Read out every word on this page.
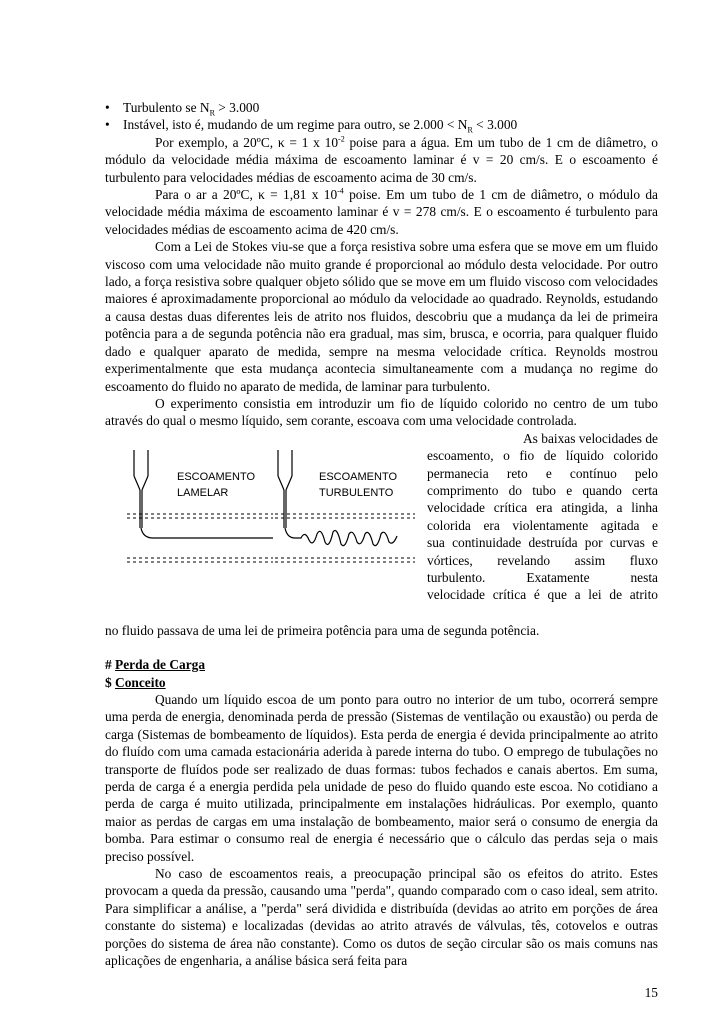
• Turbulento se $N_R > 3.000$
• Instável, isto é, mudando de um regime para outro, se $2.000 < N_R < 3.000$
Por exemplo, a 20ºC, κ = 1 x $10^{-2}$ poise para a água. Em um tubo de 1 cm de diâmetro, o módulo da velocidade média máxima de escoamento laminar é v = 20 cm/s. E o escoamento é turbulento para velocidades médias de escoamento acima de 30 cm/s.
Para o ar a 20ºC, κ = 1,81 x $10^{-4}$ poise. Em um tubo de 1 cm de diâmetro, o módulo da velocidade média máxima de escoamento laminar é v = 278 cm/s. E o escoamento é turbulento para velocidades médias de escoamento acima de 420 cm/s.
Com a Lei de Stokes viu-se que a força resistiva sobre uma esfera que se move em um fluido viscoso com uma velocidade não muito grande é proporcional ao módulo desta velocidade. Por outro lado, a força resistiva sobre qualquer objeto sólido que se move em um fluido viscoso com velocidades maiores é aproximadamente proporcional ao módulo da velocidade ao quadrado. Reynolds, estudando a causa destas duas diferentes leis de atrito nos fluidos, descobriu que a mudança da lei de primeira potência para a de segunda potência não era gradual, mas sim, brusca, e ocorria, para qualquer fluido dado e qualquer aparato de medida, sempre na mesma velocidade crítica. Reynolds mostrou experimentalmente que esta mudança acontecia simultaneamente com a mudança no regime do escoamento do fluido no aparato de medida, de laminar para turbulento.
O experimento consistia em introduzir um fio de líquido colorido no centro de um tubo através do qual o mesmo líquido, sem corante, escoava com uma velocidade controlada.
ESCOAMENTO
LAMELAR
ESCOAMENTO
TURBULENTO
As baixas velocidades de
escoamento, o fio de líquido colorido
permanecia reto e contínuo pelo
comprimento do tubo e quando certa
velocidade crítica era atingida, a linha
colorida era violentamente agitada e
sua continuidade destruída por curvas e
vórtices, revelando assim fluxo
turbulento. Exatamente nesta
velocidade crítica é que a lei de atrito
no fluido passava de uma lei de primeira potência para uma de segunda potência.
# Perda de Carga
$ Conceito
Quando um líquido escoa de um ponto para outro no interior de um tubo, ocorrerá sempre uma perda de energia, denominada perda de pressão (Sistemas de ventilação ou exaustão) ou perda de carga (Sistemas de bombeamento de líquidos). Esta perda de energia é devida principalmente ao atrito do fluído com uma camada estacionária aderida à parede interna do tubo. O emprego de tubulações no transporte de fluídos pode ser realizado de duas formas: tubos fechados e canais abertos. Em suma, perda de carga é a energia perdida pela unidade de peso do fluido quando este escoa. No cotidiano a perda de carga é muito utilizada, principalmente em instalações hidráulicas. Por exemplo, quanto maior as perdas de cargas em uma instalação de bombeamento, maior será o consumo de energia da bomba. Para estimar o consumo real de energia é necessário que o cálculo das perdas seja o mais preciso possível.
No caso de escoamentos reais, a preocupação principal são os efeitos do atrito. Estes provocam a queda da pressão, causando uma "perda", quando comparado com o caso ideal, sem atrito. Para simplificar a análise, a "perda" será dividida e distribuída (devidas ao atrito em porções de área constante do sistema) e localizadas (devidas ao atrito através de válvulas, tês, cotovelos e outras porções do sistema de área não constante). Como os dutos de seção circular são os mais comuns nas aplicações de engenharia, a análise básica será feita para
15
